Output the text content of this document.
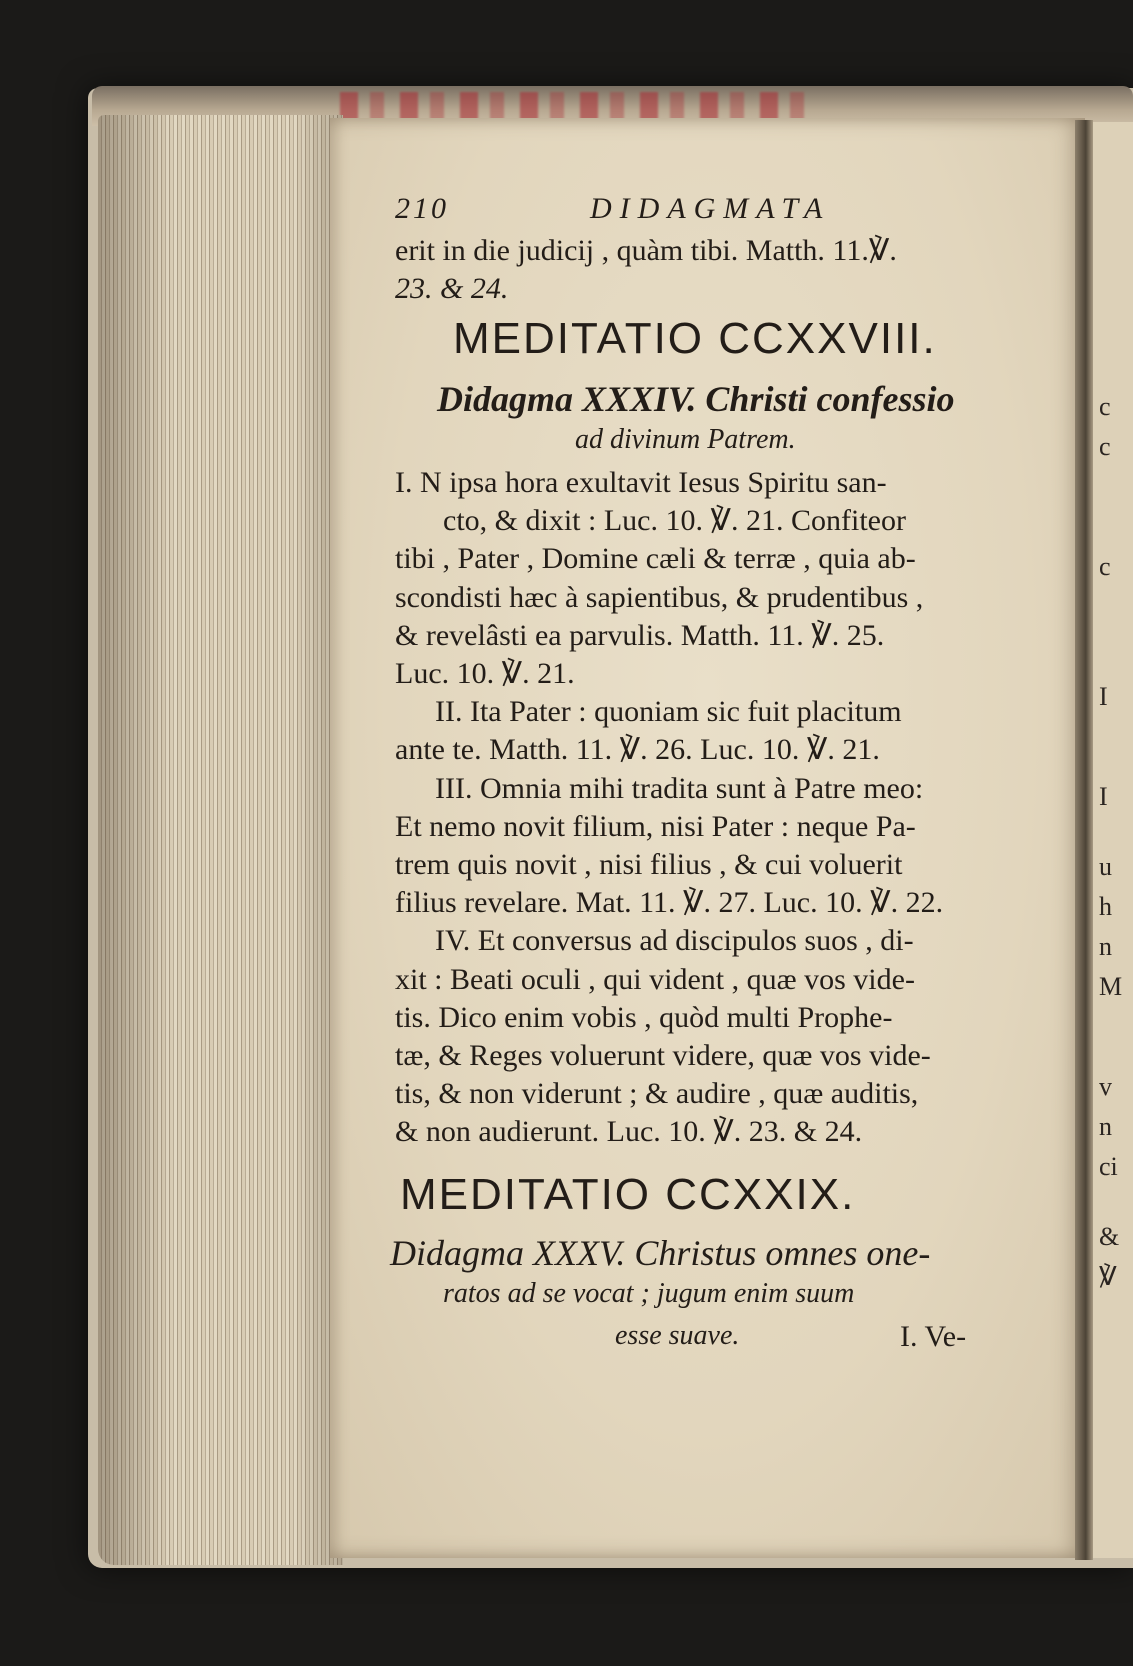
c
c
c
I
I
u
h
n
M
v
n
ci
&
℣
210	DIDAGMATA
erit in die judicij , quàm tibi. Matth. 11.℣.
23. & 24.
MEDITATIO CCXXVIII.
Didagma XXXIV. Christi confessio
ad divinum Patrem.
I. N ipsa hora exultavit Iesus Spiritu san-
cto, & dixit : Luc. 10. ℣. 21. Confiteor
tibi , Pater , Domine cæli & terræ , quia ab-
scondisti hæc à sapientibus, & prudentibus ,
& revelâsti ea parvulis. Matth. 11. ℣. 25.
Luc. 10. ℣. 21.
II. Ita Pater : quoniam sic fuit placitum
ante te. Matth. 11. ℣. 26. Luc. 10. ℣. 21.
III. Omnia mihi tradita sunt à Patre meo:
Et nemo novit filium, nisi Pater : neque Pa-
trem quis novit , nisi filius , & cui voluerit
filius revelare. Mat. 11. ℣. 27. Luc. 10. ℣. 22.
IV. Et conversus ad discipulos suos , di-
xit : Beati oculi , qui vident , quæ vos vide-
tis. Dico enim vobis , quòd multi Prophe-
tæ, & Reges voluerunt videre, quæ vos vide-
tis, & non viderunt ; & audire , quæ auditis,
& non audierunt. Luc. 10. ℣. 23. & 24.
MEDITATIO CCXXIX.
Didagma XXXV. Christus omnes one-
ratos ad se vocat ; jugum enim suum
esse suave.	I. Ve-
